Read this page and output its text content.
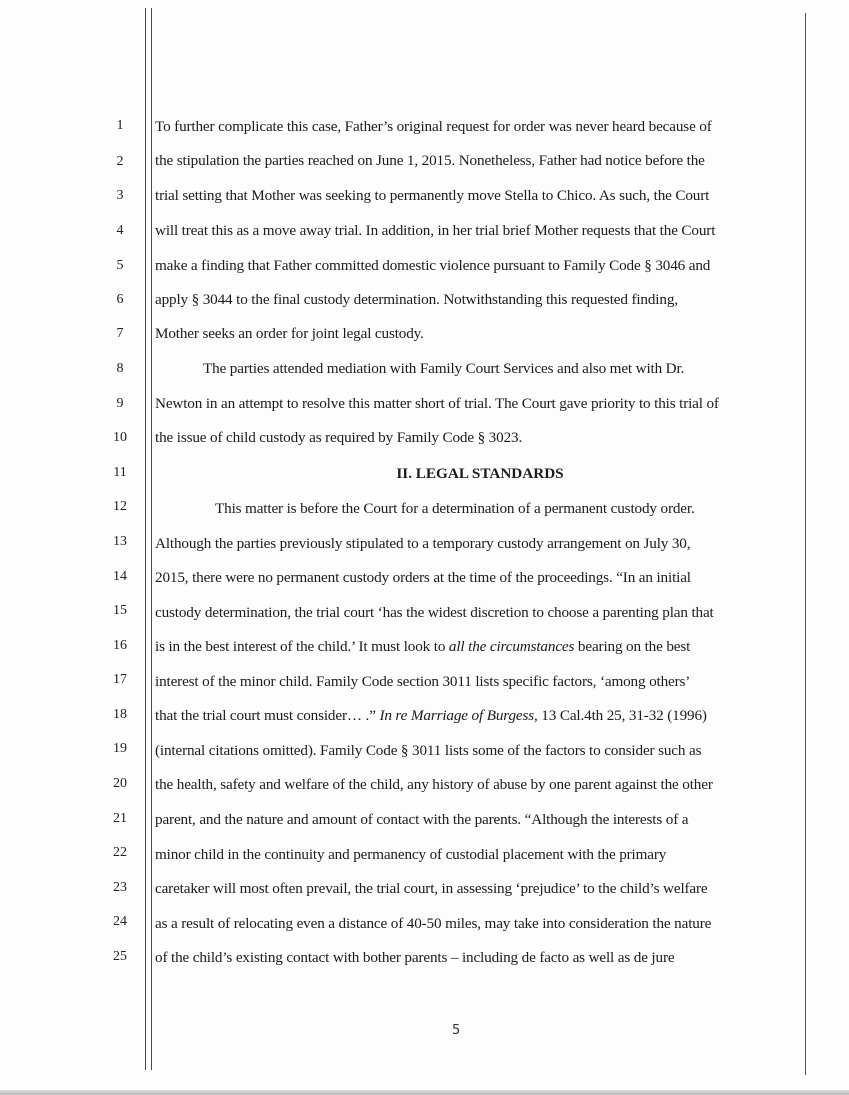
1
2
3
4
5
6
7
8
9
10
11
12
13
14
15
16
17
18
19
20
21
22
23
24
25
To further complicate this case, Father’s original request for order was never heard because of
the stipulation the parties reached on June 1, 2015. Nonetheless, Father had notice before the
trial setting that Mother was seeking to permanently move Stella to Chico. As such, the Court
will treat this as a move away trial. In addition, in her trial brief Mother requests that the Court
make a finding that Father committed domestic violence pursuant to Family Code § 3046 and
apply § 3044 to the final custody determination. Notwithstanding this requested finding,
Mother seeks an order for joint legal custody.
The parties attended mediation with Family Court Services and also met with Dr.
Newton in an attempt to resolve this matter short of trial. The Court gave priority to this trial of
the issue of child custody as required by Family Code § 3023.
II. LEGAL STANDARDS
This matter is before the Court for a determination of a permanent custody order.
Although the parties previously stipulated to a temporary custody arrangement on July 30,
2015, there were no permanent custody orders at the time of the proceedings. “In an initial
custody determination, the trial court ‘has the widest discretion to choose a parenting plan that
is in the best interest of the child.’ It must look to all the circumstances bearing on the best
interest of the minor child. Family Code section 3011 lists specific factors, ‘among others’
that the trial court must consider… .” In re Marriage of Burgess, 13 Cal.4th 25, 31-32 (1996)
(internal citations omitted). Family Code § 3011 lists some of the factors to consider such as
the health, safety and welfare of the child, any history of abuse by one parent against the other
parent, and the nature and amount of contact with the parents. “Although the interests of a
minor child in the continuity and permanency of custodial placement with the primary
caretaker will most often prevail, the trial court, in assessing ‘prejudice’ to the child’s welfare
as a result of relocating even a distance of 40-50 miles, may take into consideration the nature
of the child’s existing contact with bother parents – including de facto as well as de jure
5
